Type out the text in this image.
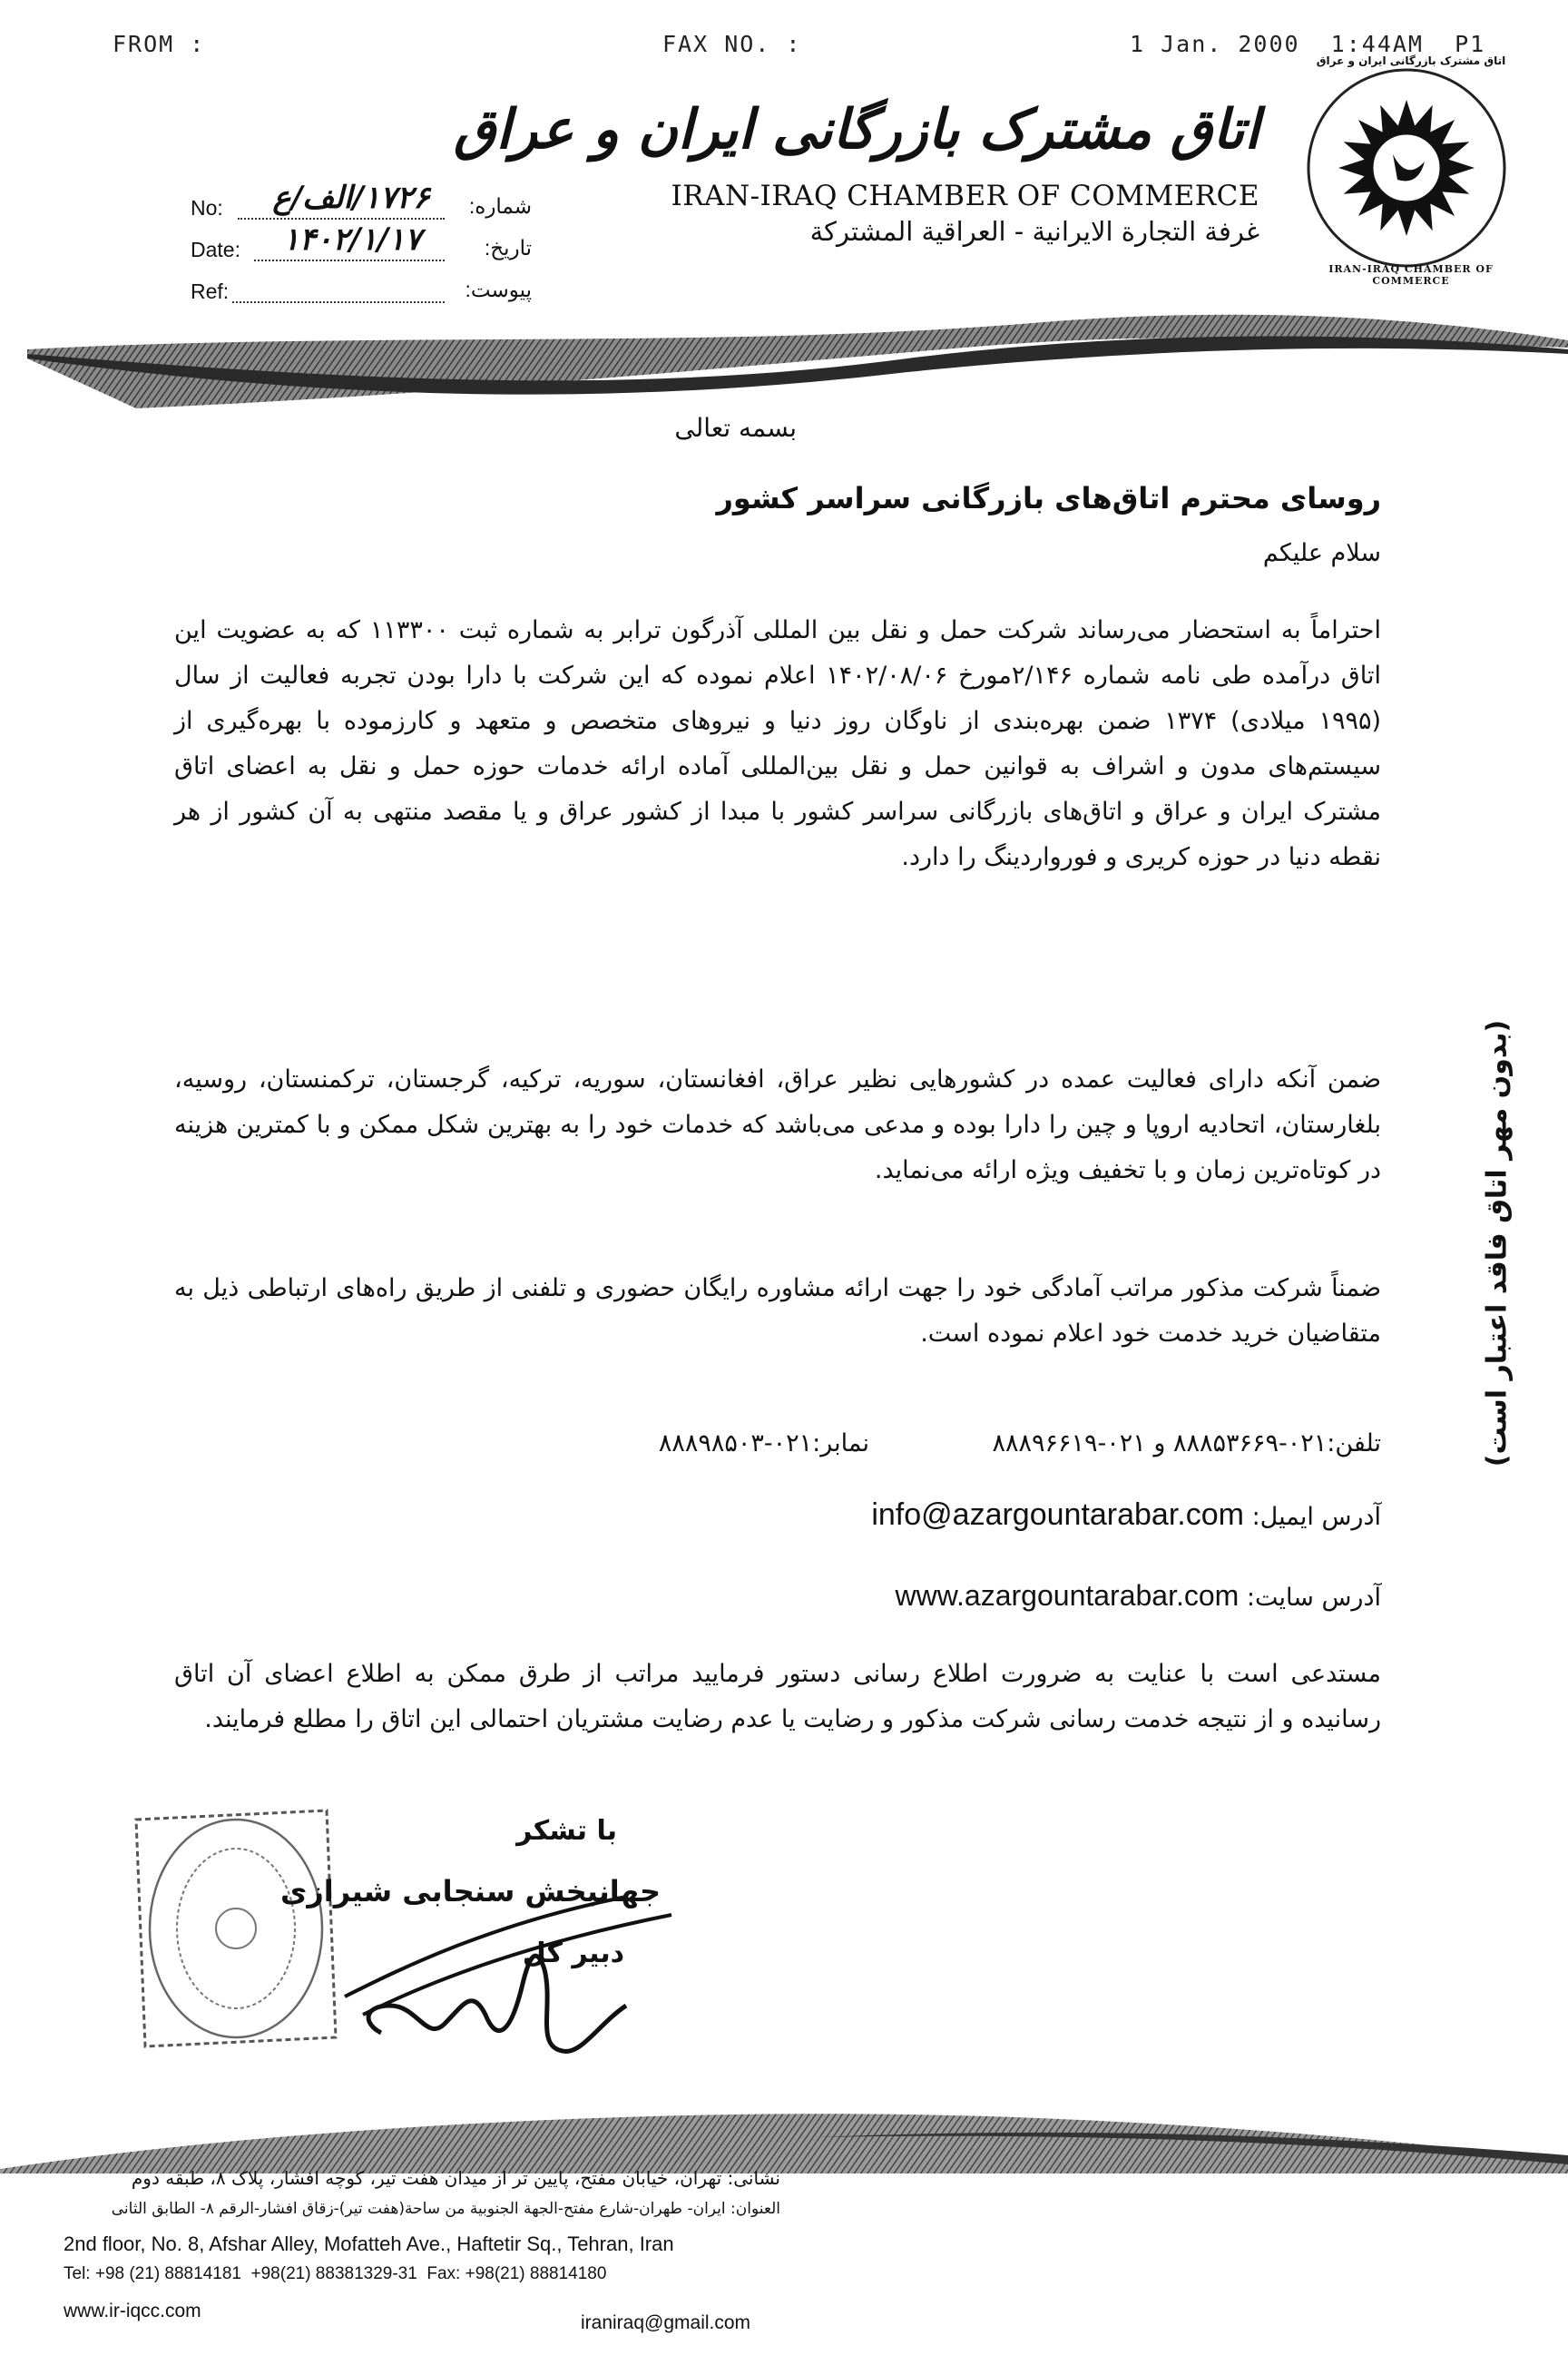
FROM :	FAX NO. :	1 Jan. 2000  1:44AM  P1
IRAN-IRAQ CHAMBER OF COMMERCE
اتاق مشترک بازرگانی ایران و عراق
اتاق مشترک بازرگانی ایران و عراق
IRAN-IRAQ CHAMBER OF COMMERCE
غرفة التجارة الایرانیة - العراقیة المشترکة
No:	۱۷۲۶/الف/ع	شماره:
Date:	۱۴۰۲/۱/۱۷	تاریخ:
Ref:	پیوست:
بسمه تعالی
روسای محترم اتاق‌های بازرگانی سراسر کشور
سلام علیکم
احتراماً به استحضار می‌رساند شرکت حمل و نقل بین المللی آذرگون ترابر به شماره ثبت ۱۱۳۳۰۰ که به عضویت این اتاق درآمده طی نامه شماره ۲/۱۴۶مورخ ۱۴۰۲/۰۸/۰۶ اعلام نموده که این شرکت با دارا بودن تجربه فعالیت از سال (۱۹۹۵ میلادی) ۱۳۷۴ ضمن بهره‌بندی از ناوگان روز دنیا و نیروهای متخصص و متعهد و کارزموده با بهره‌گیری از سیستم‌های مدون و اشراف به قوانین حمل و نقل بین‌المللی آماده ارائه خدمات حوزه حمل و نقل به اعضای اتاق مشترک ایران و عراق و اتاق‌های بازرگانی سراسر کشور با مبدا از کشور عراق و یا مقصد منتهی به آن کشور از هر نقطه دنیا در حوزه کریری و فورواردینگ را دارد.
ضمن آنکه دارای فعالیت عمده در کشورهایی نظیر عراق، افغانستان، سوریه، ترکیه، گرجستان، ترکمنستان، روسیه، بلغارستان، اتحادیه اروپا و چین را دارا بوده و مدعی می‌باشد که خدمات خود را به بهترین شکل ممکن و با کمترین هزینه در کوتاه‌ترین زمان و با تخفیف ویژه ارائه می‌نماید.
ضمناً شرکت مذکور مراتب آمادگی خود را جهت ارائه مشاوره رایگان حضوری و تلفنی از طریق راه‌های ارتباطی ذیل به متقاضیان خرید خدمت خود اعلام نموده است.
تلفن:۰۲۱-۸۸۸۵۳۶۶۹ و ۰۲۱-۸۸۸۹۶۶۱۹
نمابر:۰۲۱-۸۸۸۹۸۵۰۳
آدرس ایمیل: info@azargountarabar.com
آدرس سایت: www.azargountarabar.com
مستدعی است با عنایت به ضرورت اطلاع رسانی دستور فرمایید مراتب از طرق ممکن به اطلاع اعضای آن اتاق رسانیده و از نتیجه خدمت رسانی شرکت مذکور و رضایت یا عدم رضایت مشتریان احتمالی این اتاق را مطلع فرمایند.
با تشکر
جهانبخش سنجابی شیرازی
دبیر کل
(بدون مهر اتاق فاقد اعتبار است)
نشانی: تهران، خیابان مفتح، پایین تر از میدان هفت تیر، کوچه افشار، پلاک ۸، طبقه دوم
العنوان: ایران- طهران-شارع مفتح-الجهة الجنوبیة من ساحة(هفت تیر)-زقاق افشار-الرقم ۸- الطابق الثانی
2nd floor, No. 8, Afshar Alley, Mofatteh Ave., Haftetir Sq., Tehran, Iran
Tel: +98 (21) 88814181  +98(21) 88381329-31  Fax: +98(21) 88814180
www.ir-iqcc.com
iraniraq@gmail.com
